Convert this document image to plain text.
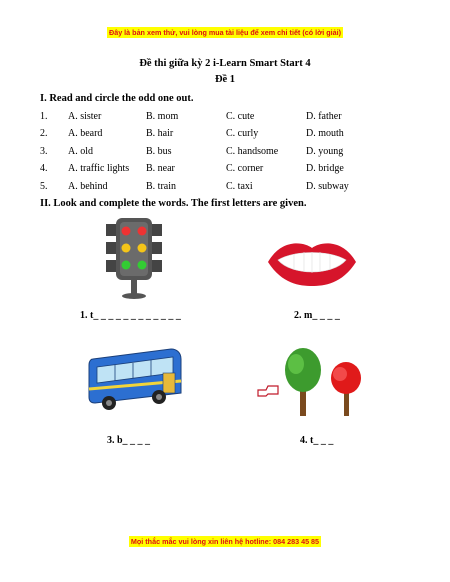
Đây là bản xem thử, vui lòng mua tài liệu để xem chi tiết (có lời giải)
Đề thi giữa kỳ 2 i-Learn Smart Start 4
Đề 1
I. Read and circle the odd one out.
1. A. sister	B. mom	C. cute	D. father
2. A. beard	B. hair	C. curly	D. mouth
3. A. old	B. bus	C. handsome	D. young
4. A. traffic lights B. near	C. corner	D. bridge
5. A. behind	B. train	C. taxi	D. subway
II. Look and complete the words. The first letters are given.
1. t_ _ _ _ _ _ _ _ _ _ _ _	2. m_ _ _ _
3. b_ _ _ _	4. t_ _ _
Mọi thắc mắc vui lòng xin liên hệ hotline: 084 283 45 85
